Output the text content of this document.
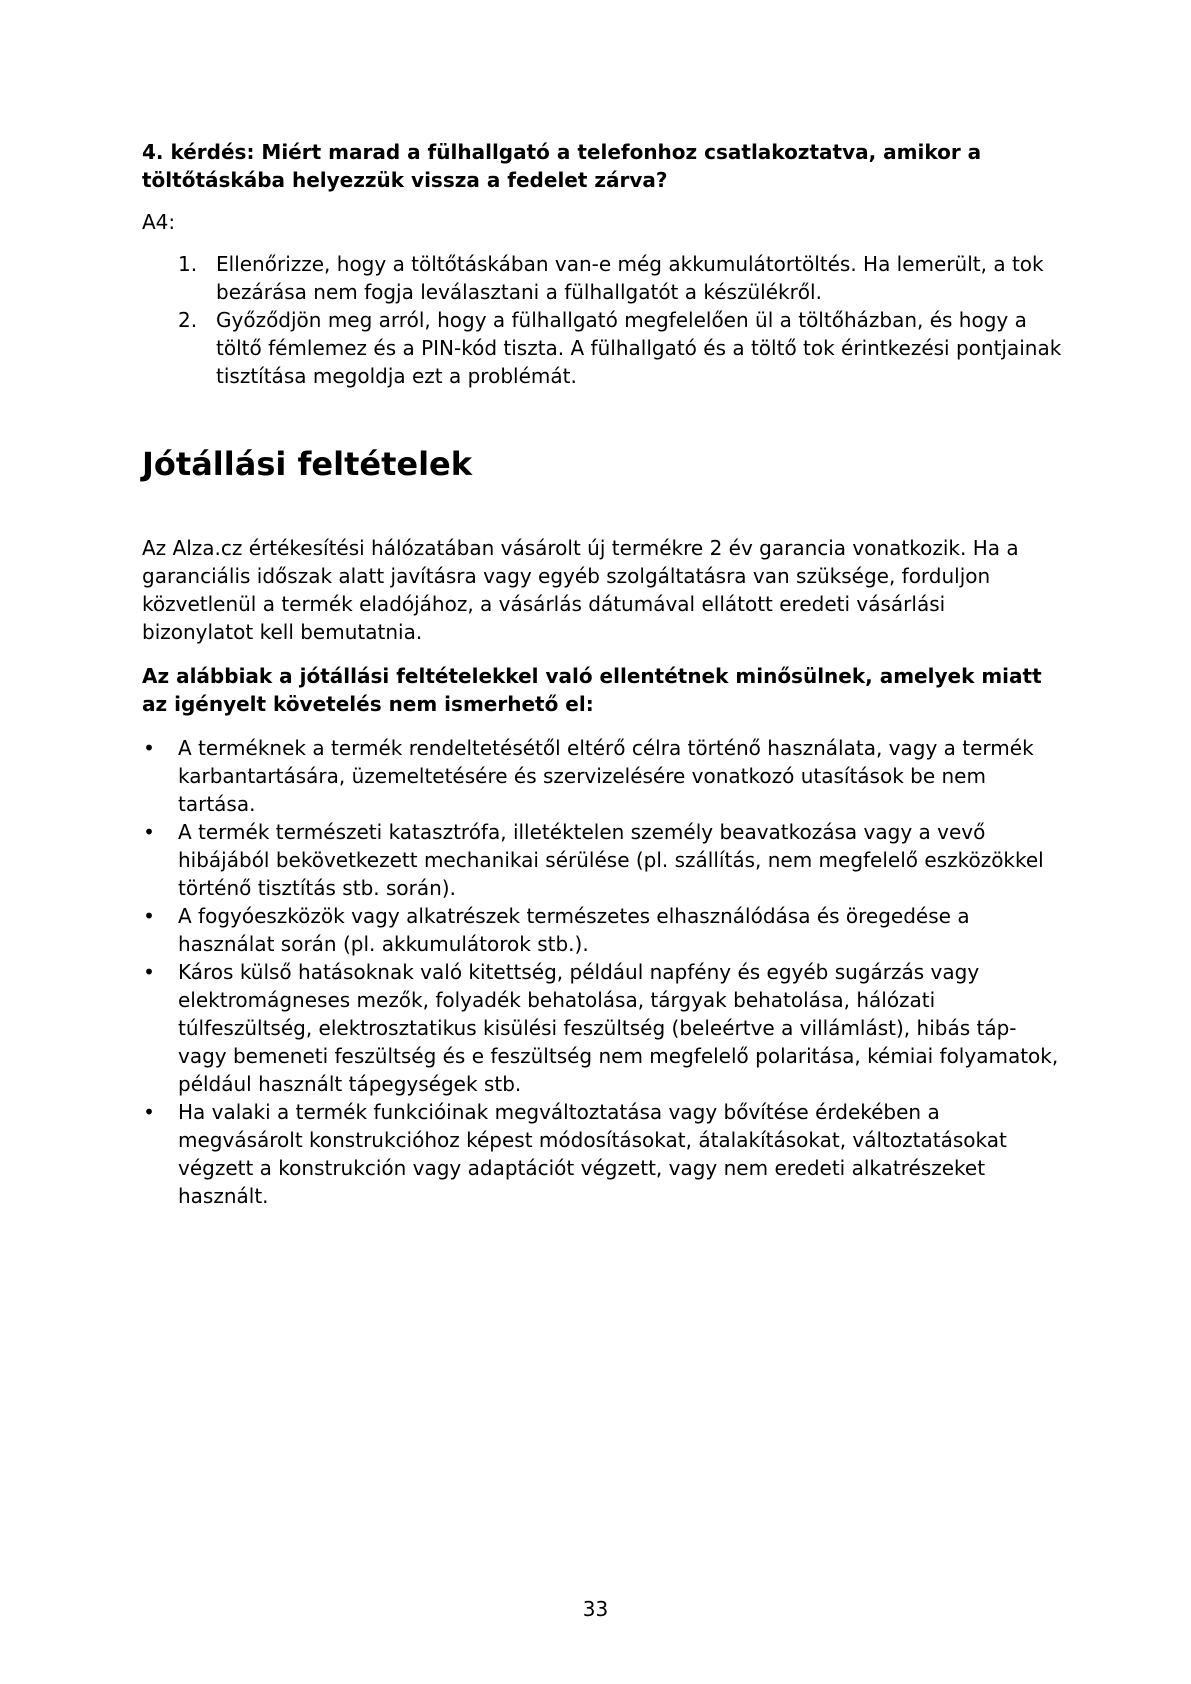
4. kérdés: Miért marad a fülhallgató a telefonhoz csatlakoztatva, amikor a töltőtáskába helyezzük vissza a fedelet zárva?

A4:

1. Ellenőrizze, hogy a töltőtáskában van-e még akkumulátortöltés. Ha lemerült, a tok bezárása nem fogja leválasztani a fülhallgatót a készülékről.
2. Győződjön meg arról, hogy a fülhallgató megfelelően ül a töltőházban, és hogy a töltő fémlemez és a PIN-kód tiszta. A fülhallgató és a töltő tok érintkezési pontjainak tisztítása megoldja ezt a problémát.
Jótállási feltételek

Az Alza.cz értékesítési hálózatában vásárolt új termékre 2 év garancia vonatkozik. Ha a garanciális időszak alatt javításra vagy egyéb szolgáltatásra van szüksége, forduljon közvetlenül a termék eladójához, a vásárlás dátumával ellátott eredeti vásárlási bizonylatot kell bemutatnia.

Az alábbiak a jótállási feltételekkel való ellentétnek minősülnek, amelyek miatt az igényelt követelés nem ismerhető el:

• A terméknek a termék rendeltetésétől eltérő célra történő használata, vagy a termék karbantartására, üzemeltetésére és szervizelésére vonatkozó utasítások be nem tartása.
• A termék természeti katasztrófa, illetéktelen személy beavatkozása vagy a vevő hibájából bekövetkezett mechanikai sérülése (pl. szállítás, nem megfelelő eszközökkel történő tisztítás stb. során).
• A fogyóeszközök vagy alkatrészek természetes elhasználódása és öregedése a használat során (pl. akkumulátorok stb.).
• Káros külső hatásoknak való kitettség, például napfény és egyéb sugárzás vagy elektromágneses mezők, folyadék behatolása, tárgyak behatolása, hálózati túlfeszültség, elektrosztatikus kisülési feszültség (beleértve a villámlást), hibás táp- vagy bemeneti feszültség és e feszültség nem megfelelő polaritása, kémiai folyamatok, például használt tápegységek stb.
• Ha valaki a termék funkcióinak megváltoztatása vagy bővítése érdekében a megvásárolt konstrukcióhoz képest módosításokat, átalakításokat, változtatásokat végzett a konstrukción vagy adaptációt végzett, vagy nem eredeti alkatrészeket használt.
33
